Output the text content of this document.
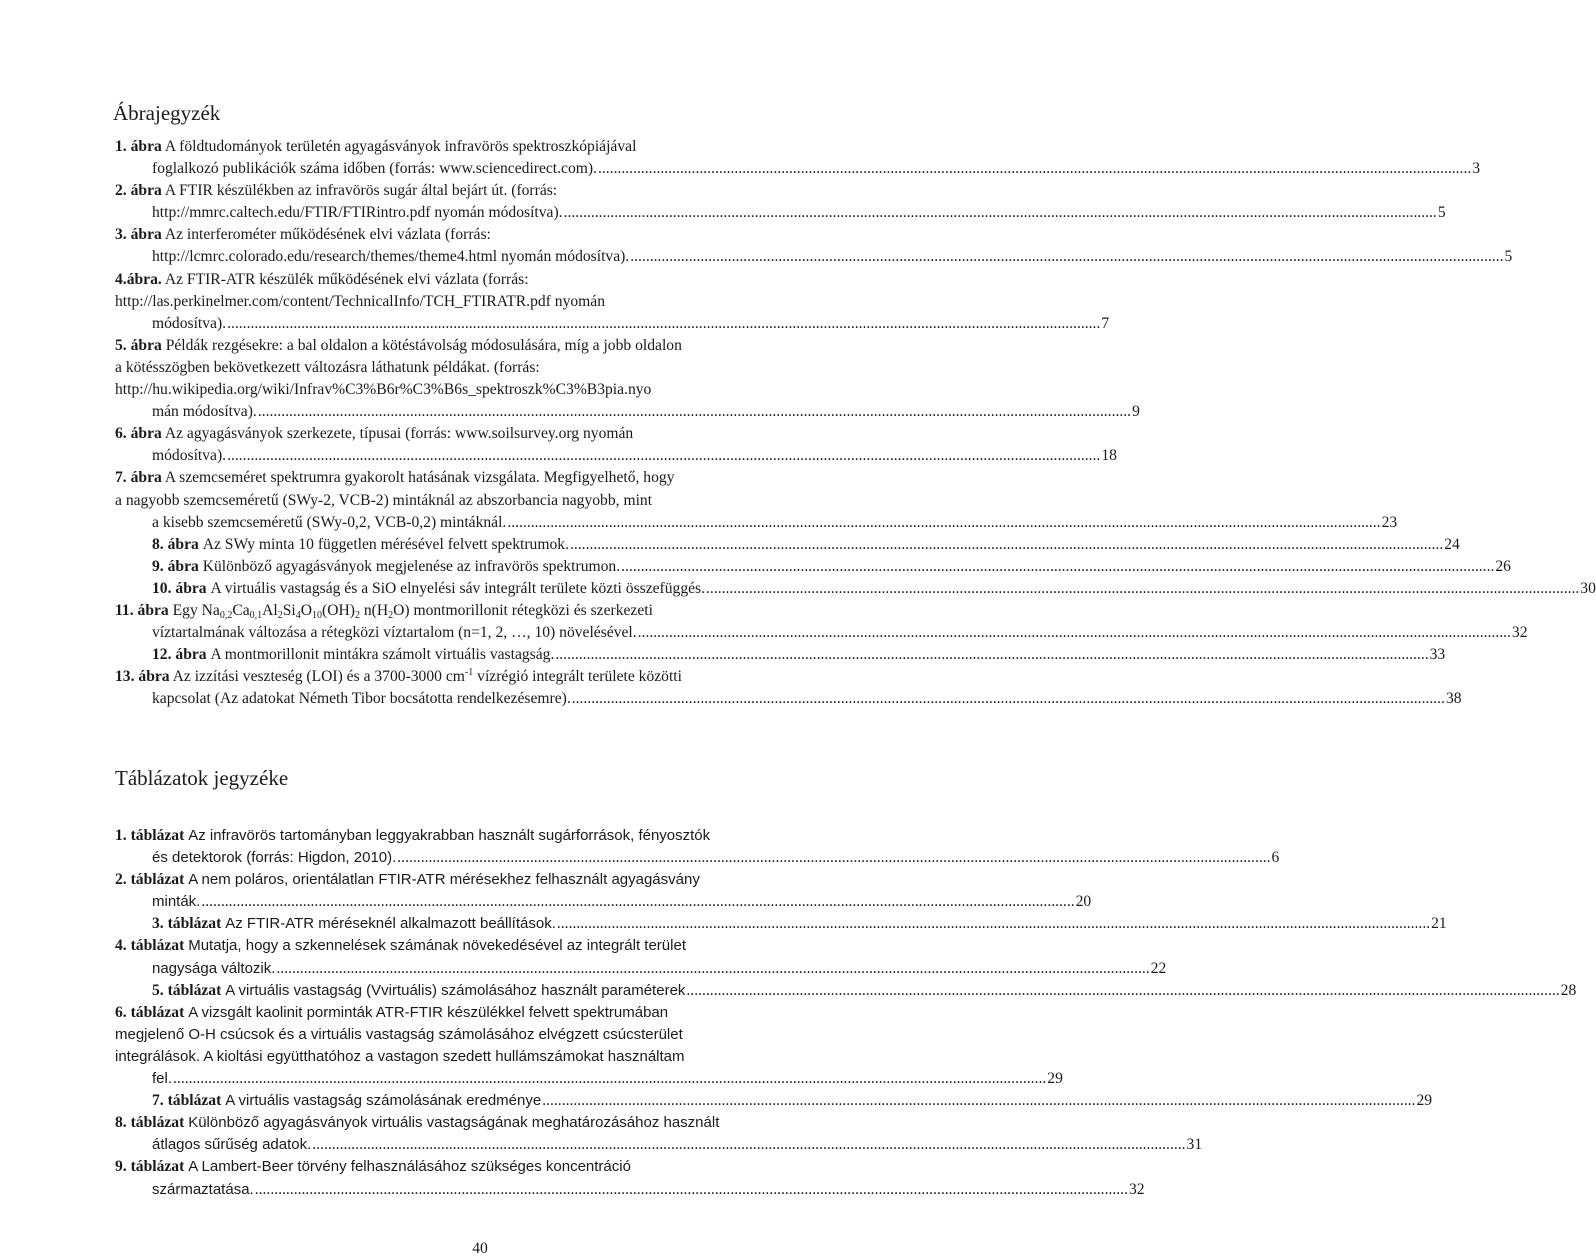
Ábrajegyzék
1. ábra A földtudományok területén agyagásványok infravörös spektroszkópiájával
foglalkozó publikációk száma időben (forrás: www.sciencedirect.com). .....	3
2. ábra A FTIR készülékben az infravörös sugár által bejárt út. (forrás:
http://mmrc.caltech.edu/FTIR/FTIRintro.pdf nyomán módosítva). .....	5
3. ábra Az interferométer működésének elvi vázlata (forrás:
http://lcmrc.colorado.edu/research/themes/theme4.html nyomán módosítva). .....	5
4.ábra. Az FTIR-ATR készülék működésének elvi vázlata (forrás:
http://las.perkinelmer.com/content/TechnicalInfo/TCH_FTIRATR.pdf nyomán
módosítva). .....	7
5. ábra Példák rezgésekre: a bal oldalon a kötéstávolság módosulására, míg a jobb oldalon
a kötésszögben bekövetkezett változásra láthatunk példákat. (forrás:
http://hu.wikipedia.org/wiki/Infrav%C3%B6r%C3%B6s_spektroszk%C3%B3pia.nyo
mán módosítva). .....	9
6. ábra Az agyagásványok szerkezete, típusai (forrás: www.soilsurvey.org nyomán
módosítva). .....	18
7. ábra A szemcseméret spektrumra gyakorolt hatásának vizsgálata. Megfigyelhető, hogy
a nagyobb szemcseméretű (SWy-2, VCB-2) mintáknál az abszorbancia nagyobb, mint
a kisebb szemcseméretű (SWy-0,2, VCB-0,2) mintáknál. .....	23
8. ábra Az SWy minta 10 független mérésével felvett spektrumok. .....	24
9. ábra Különböző agyagásványok megjelenése az infravörös spektrumon. .....	26
10. ábra A virtuális vastagság és a SiO elnyelési sáv integrált területe közti összefüggés. .....	30
11. ábra Egy $Na_{0,2}Ca_{0,1}Al_2Si_4O_{10}(OH)_2$ $n(H_2O)$ montmorillonit rétegközi és szerkezeti
víztartalmának változása a rétegközi víztartalom (n=1, 2, …, 10) növelésével. .....	32
12. ábra A montmorillonit mintákra számolt virtuális vastagság. .....	33
13. ábra Az izzítási veszteség (LOI) és a 3700-3000 $cm^{-1}$ vízrégió integrált területe közötti
kapcsolat (Az adatokat Németh Tibor bocsátotta rendelkezésemre). .....	38
Táblázatok jegyzéke
1. táblázat Az infravörös tartományban leggyakrabban használt sugárforrások, fényosztók
és detektorok (forrás: Higdon, 2010). .....	6
2. táblázat A nem poláros, orientálatlan FTIR-ATR mérésekhez felhasznált agyagásvány
minták. .....	20
3. táblázat Az FTIR-ATR méréseknél alkalmazott beállítások. .....	21
4. táblázat Mutatja, hogy a szkennelések számának növekedésével az integrált terület
nagysága változik. .....	22
5. táblázat A virtuális vastagság (Vvirtuális) számolásához használt paraméterek .....	28
6. táblázat A vizsgált kaolinit porminták ATR-FTIR készülékkel felvett spektrumában
megjelenő O-H csúcsok és a virtuális vastagság számolásához elvégzett csúcsterület
integrálások. A kioltási együtthatóhoz a vastagon szedett hullámszámokat használtam
fel. .....	29
7. táblázat A virtuális vastagság számolásának eredménye .....	29
8. táblázat Különböző agyagásványok virtuális vastagságának meghatározásához használt
átlagos sűrűség adatok. .....	31
9. táblázat A Lambert-Beer törvény felhasználásához szükséges koncentráció
származtatása. .....	32
40
